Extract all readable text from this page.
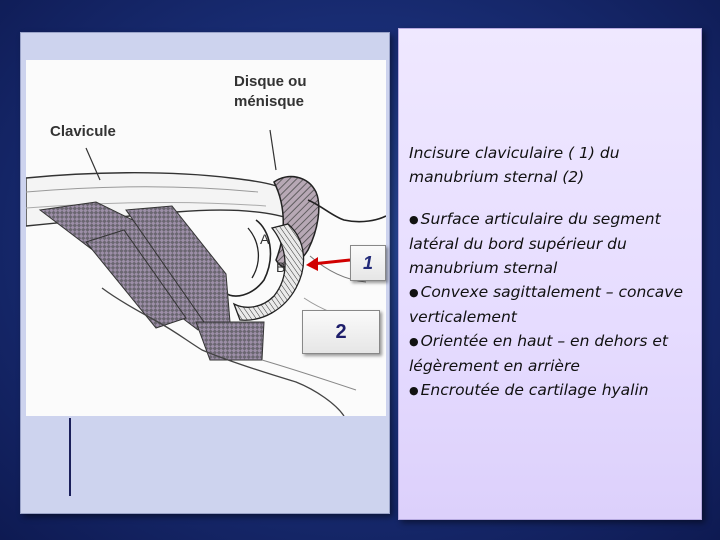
Disque ou
ménisque
Clavicule
A
B	1
2

Incisure claviculaire ( 1) du manubrium sternal (2)

● Surface articulaire du segment latéral du bord supérieur du manubrium sternal

● Convexe sagittalement – concave verticalement

● Orientée en haut – en dehors et légèrement en arrière

● Encroutée de cartilage hyalin
